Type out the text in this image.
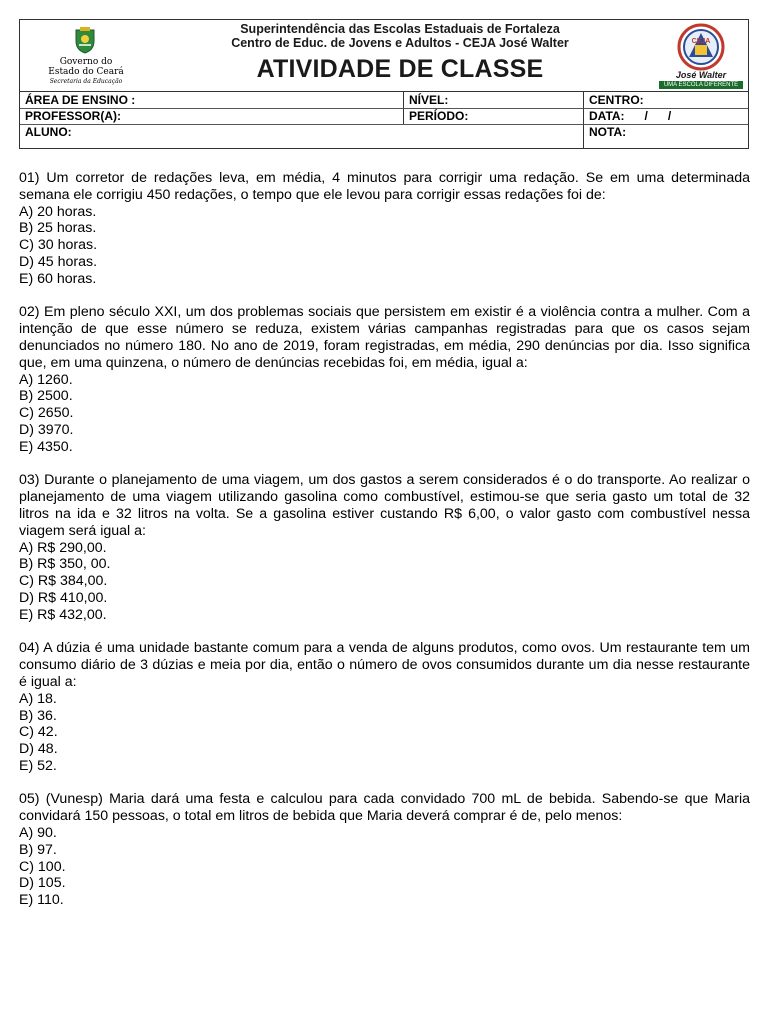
Governo do
Estado do Ceará
Secretaria da Educação
Superintendência das Escolas Estaduais de Fortaleza
Centro de Educ. de Jovens e Adultos - CEJA José Walter
ATIVIDADE DE CLASSE
CEJA
José Walter
UMA ESCOLA DIFERENTE
ÁREA DE ENSINO :	NÍVEL:	CENTRO:
PROFESSOR(A):	PERÍODO:	DATA:      /      /
ALUNO:	NOTA:
01) Um corretor de redações leva, em média, 4 minutos para corrigir uma redação. Se em uma determinada semana ele corrigiu 450 redações, o tempo que ele levou para corrigir essas redações foi de:
A) 20 horas.
B) 25 horas.
C) 30 horas.
D) 45 horas.
E) 60 horas.
02) Em pleno século XXI, um dos problemas sociais que persistem em existir é a violência contra a mulher. Com a intenção de que esse número se reduza, existem várias campanhas registradas para que os casos sejam denunciados no número 180. No ano de 2019, foram registradas, em média, 290 denúncias por dia. Isso significa que, em uma quinzena, o número de denúncias recebidas foi, em média, igual a:
A) 1260.
B) 2500.
C) 2650.
D) 3970.
E) 4350.
03) Durante o planejamento de uma viagem, um dos gastos a serem considerados é o do transporte. Ao realizar o planejamento de uma viagem utilizando gasolina como combustível, estimou-se que seria gasto um total de 32 litros na ida e 32 litros na volta. Se a gasolina estiver custando R$ 6,00, o valor gasto com combustível nessa viagem será igual a:
A) R$ 290,00.
B) R$ 350, 00.
C) R$ 384,00.
D) R$ 410,00.
E) R$ 432,00.
04) A dúzia é uma unidade bastante comum para a venda de alguns produtos, como ovos. Um restaurante tem um consumo diário de 3 dúzias e meia por dia, então o número de ovos consumidos durante um dia nesse restaurante é igual a:
A) 18.
B) 36.
C) 42.
D) 48.
E) 52.
05) (Vunesp) Maria dará uma festa e calculou para cada convidado 700 mL de bebida. Sabendo-se que Maria convidará 150 pessoas, o total em litros de bebida que Maria deverá comprar é de, pelo menos:
A) 90.
B) 97.
C) 100.
D) 105.
E) 110.
